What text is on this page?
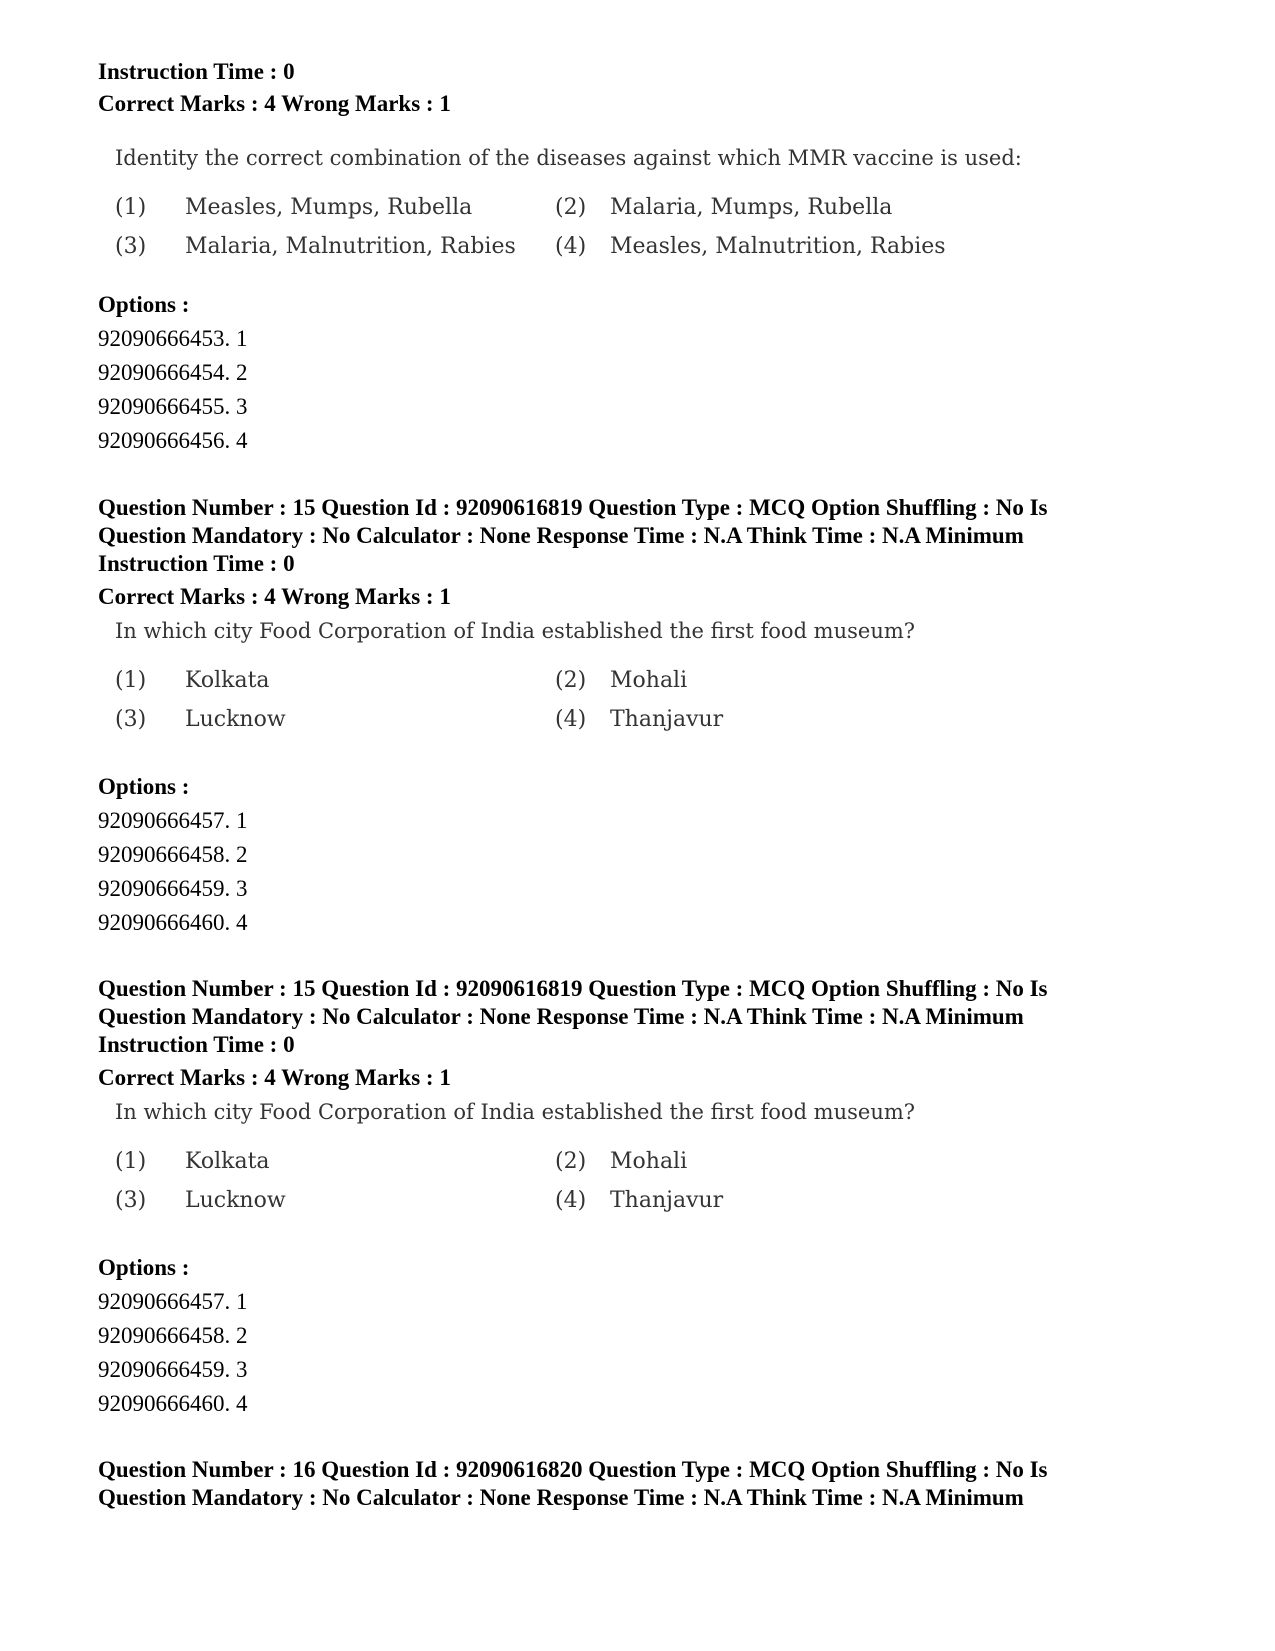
Instruction Time : 0
Correct Marks : 4 Wrong Marks : 1
Identity the correct combination of the diseases against which MMR vaccine is used:
(1) Measles, Mumps, Rubella	(2) Malaria, Mumps, Rubella
(3) Malaria, Malnutrition, Rabies (4) Measles, Malnutrition, Rabies
Options :
92090666453. 1
92090666454. 2
92090666455. 3
92090666456. 4
Question Number : 15 Question Id : 92090616819 Question Type : MCQ Option Shuffling : No Is
Question Mandatory : No Calculator : None Response Time : N.A Think Time : N.A Minimum
Instruction Time : 0
Correct Marks : 4 Wrong Marks : 1
In which city Food Corporation of India established the first food museum?
(1) Kolkata	(2) Mohali
(3) Lucknow	(4) Thanjavur
Options :
92090666457. 1
92090666458. 2
92090666459. 3
92090666460. 4
Question Number : 15 Question Id : 92090616819 Question Type : MCQ Option Shuffling : No Is
Question Mandatory : No Calculator : None Response Time : N.A Think Time : N.A Minimum
Instruction Time : 0
Correct Marks : 4 Wrong Marks : 1
In which city Food Corporation of India established the first food museum?
(1) Kolkata	(2) Mohali
(3) Lucknow	(4) Thanjavur
Options :
92090666457. 1
92090666458. 2
92090666459. 3
92090666460. 4
Question Number : 16 Question Id : 92090616820 Question Type : MCQ Option Shuffling : No Is
Question Mandatory : No Calculator : None Response Time : N.A Think Time : N.A Minimum
